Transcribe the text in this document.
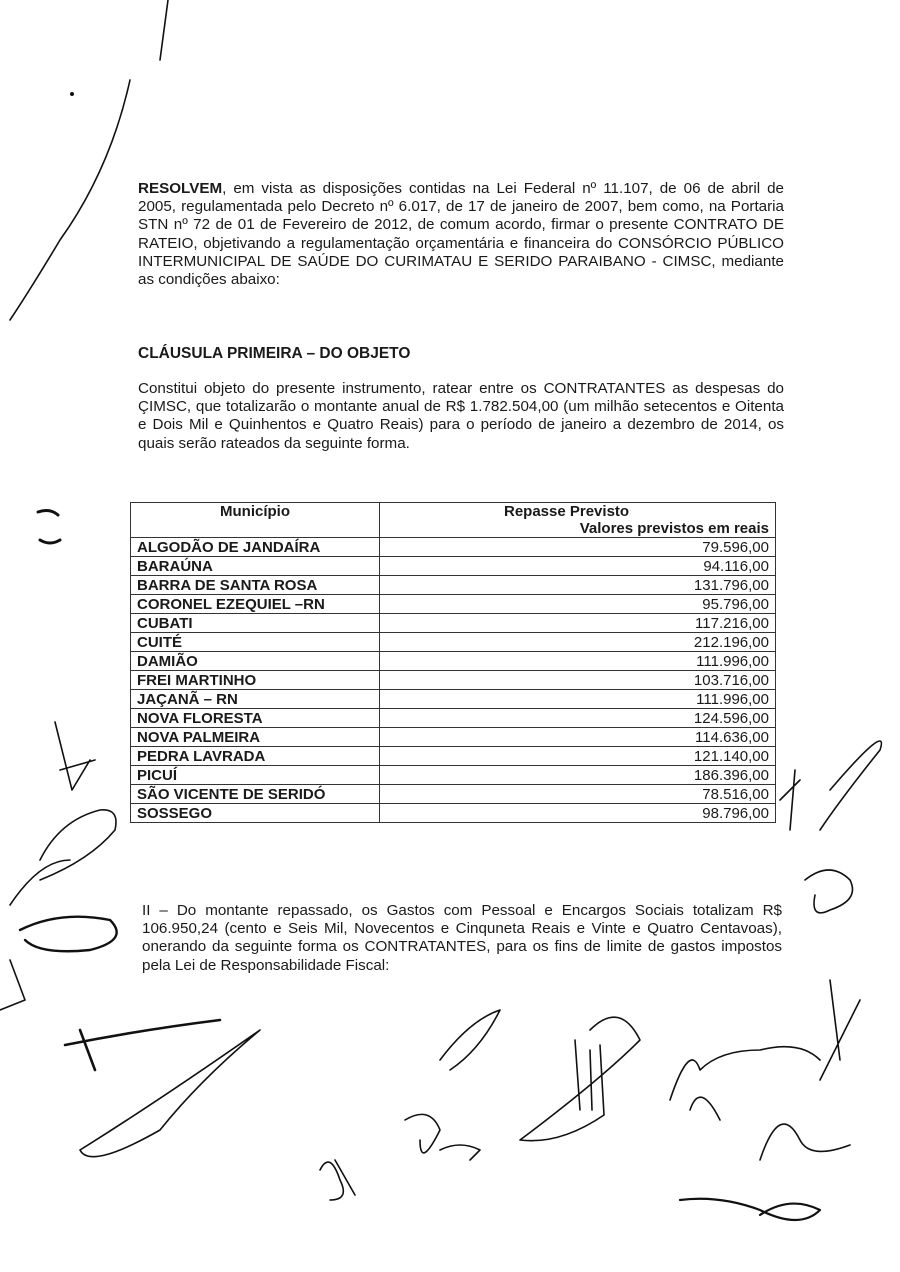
RESOLVEM, em vista as disposições contidas na Lei Federal nº 11.107, de 06 de abril de 2005, regulamentada pelo Decreto nº 6.017, de 17 de janeiro de 2007, bem como, na Portaria STN nº 72 de 01 de Fevereiro de 2012, de comum acordo, firmar o presente CONTRATO DE RATEIO, objetivando a regulamentação orçamentária e financeira do CONSÓRCIO PÚBLICO INTERMUNICIPAL DE SAÚDE DO CURIMATAU E SERIDO PARAIBANO - CIMSC, mediante as condições abaixo:

CLÁUSULA PRIMEIRA – DO OBJETO

Constitui objeto do presente instrumento, ratear entre os CONTRATANTES as despesas do ÇIMSC, que totalizarão o montante anual de R$ 1.782.504,00 (um milhão setecentos e Oitenta e Dois Mil e Quinhentos e Quatro Reais) para o período de janeiro a dezembro de 2014, os quais serão rateados da seguinte forma.

Município	Repasse Previsto
Valores previstos em reais
ALGODÃO DE JANDAÍRA	79.596,00
BARAÚNA	94.116,00
BARRA DE SANTA ROSA	131.796,00
CORONEL EZEQUIEL –RN	95.796,00
CUBATI	117.216,00
CUITÉ	212.196,00
DAMIÃO	111.996,00
FREI MARTINHO	103.716,00
JAÇANÃ – RN	111.996,00
NOVA FLORESTA	124.596,00
NOVA PALMEIRA	114.636,00
PEDRA LAVRADA	121.140,00
PICUÍ	186.396,00
SÃO VICENTE DE SERIDÓ	78.516,00
SOSSEGO	98.796,00

II – Do montante repassado, os Gastos com Pessoal e Encargos Sociais totalizam R$ 106.950,24 (cento e Seis Mil, Novecentos e Cinquneta Reais e Vinte e Quatro Centavoas), onerando da seguinte forma os CONTRATANTES, para os fins de limite de gastos impostos pela Lei de Responsabilidade Fiscal:
